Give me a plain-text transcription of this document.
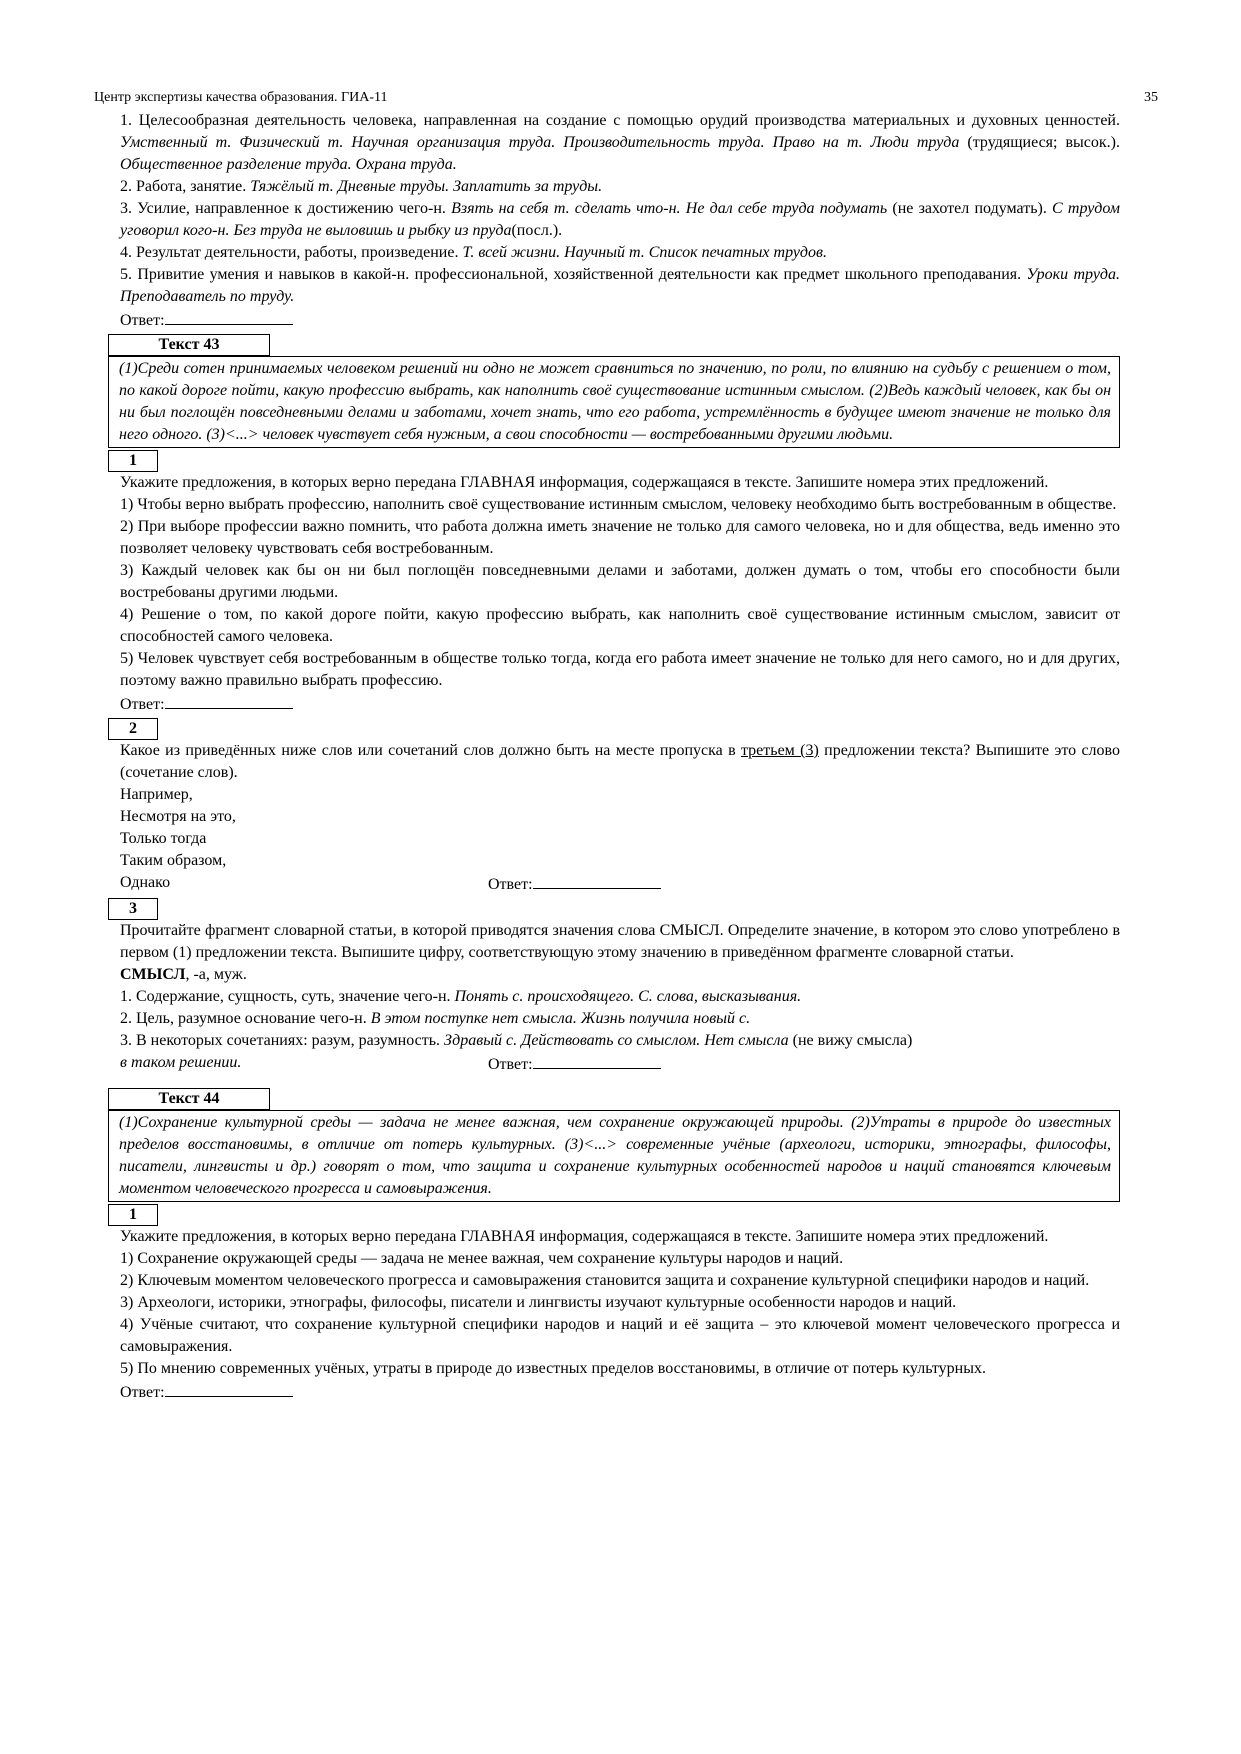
Центр экспертизы качества образования. ГИА-11	35

1. Целесообразная деятельность человека, направленная на создание с помощью орудий производства материальных и духовных ценностей. Умственный т. Физический т. Научная организация труда. Производительность труда. Право на т. Люди труда (трудящиеся; высок.). Общественное разделение труда. Охрана труда.

2. Работа, занятие. Тяжёлый т. Дневные труды. Заплатить за труды.

3. Усилие, направленное к достижению чего-н. Взять на себя т. сделать что-н. Не дал себе труда подумать (не захотел подумать). С трудом уговорил кого-н. Без труда не выловишь и рыбку из пруда(посл.).

4. Результат деятельности, работы, произведение. Т. всей жизни. Научный т. Список печатных трудов.

5. Привитие умения и навыков в какой-н. профессиональной, хозяйственной деятельности как предмет школьного преподавания. Уроки труда. Преподаватель по труду.

Ответ:

Текст 43
(1)Среди сотен принимаемых человеком решений ни одно не может сравниться по значению, по роли, по влиянию на судьбу с решением о том, по какой дороге пойти, какую профессию выбрать, как наполнить своё существование истинным смыслом. (2)Ведь каждый человек, как бы он ни был поглощён повседневными делами и заботами, хочет знать, что его работа, устремлённость в будущее имеют значение не только для него одного. (3)<...> человек чувствует себя нужным, а свои способности — востребованными другими людьми.
1

Укажите предложения, в которых верно передана ГЛАВНАЯ информация, содержащаяся в тексте. Запишите номера этих предложений.

1) Чтобы верно выбрать профессию, наполнить своё существование истинным смыслом, человеку необходимо быть востребованным в обществе.

2) При выборе профессии важно помнить, что работа должна иметь значение не только для самого человека, но и для общества, ведь именно это позволяет человеку чувствовать себя востребованным.

3) Каждый человек как бы он ни был поглощён повседневными делами и заботами, должен думать о том, чтобы его способности были востребованы другими людьми.

4) Решение о том, по какой дороге пойти, какую профессию выбрать, как наполнить своё существование истинным смыслом, зависит от способностей самого человека.

5) Человек чувствует себя востребованным в обществе только тогда, когда его работа имеет значение не только для него самого, но и для других, поэтому важно правильно выбрать профессию.

Ответ:

2

Какое из приведённых ниже слов или сочетаний слов должно быть на месте пропуска в третьем (3) предложении текста? Выпишите это слово (сочетание слов).

Например,

Несмотря на это,

Только тогда

Таким образом,

Однако	Ответ:
3

Прочитайте фрагмент словарной статьи, в которой приводятся значения слова СМЫСЛ. Определите значение, в котором это слово употреблено в первом (1) предложении текста. Выпишите цифру, соответствующую этому значению в приведённом фрагменте словарной статьи.

СМЫСЛ, -а, муж.

1. Содержание, сущность, суть, значение чего-н. Понять с. происходящего. С. слова, высказывания.

2. Цель, разумное основание чего-н. В этом поступке нет смысла. Жизнь получила новый с.

3. В некоторых сочетаниях: разум, разумность. Здравый с. Действовать со смыслом. Нет смысла (не вижу смысла)

в таком решении.	Ответ:
Текст 44
(1)Сохранение культурной среды — задача не менее важная, чем сохранение окружающей природы. (2)Утраты в природе до известных пределов восстановимы, в отличие от потерь культурных. (3)<...> современные учёные (археологи, историки, этнографы, философы, писатели, лингвисты и др.) говорят о том, что защита и сохранение культурных особенностей народов и наций становятся ключевым моментом человеческого прогресса и самовыражения.
1

Укажите предложения, в которых верно передана ГЛАВНАЯ информация, содержащаяся в тексте. Запишите номера этих предложений.

1) Сохранение окружающей среды — задача не менее важная, чем сохранение культуры народов и наций.

2) Ключевым моментом человеческого прогресса и самовыражения становится защита и сохранение культурной специфики народов и наций.

3) Археологи, историки, этнографы, философы, писатели и лингвисты изучают культурные особенности народов и наций.

4) Учёные считают, что сохранение культурной специфики народов и наций и её защита – это ключевой момент человеческого прогресса и самовыражения.

5) По мнению современных учёных, утраты в природе до известных пределов восстановимы, в отличие от потерь культурных.

Ответ:
